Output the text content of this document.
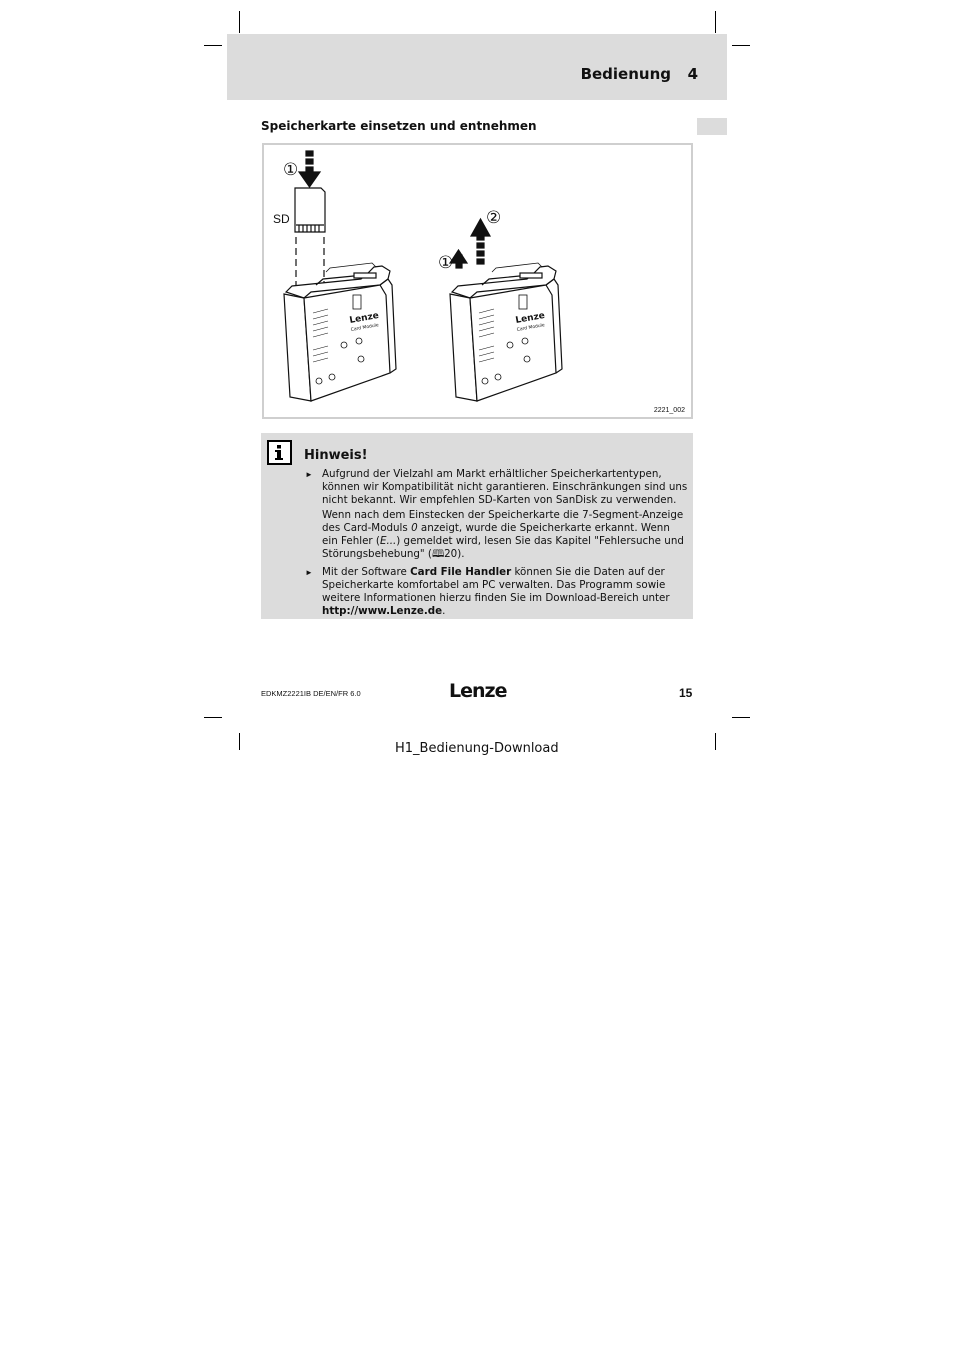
Bedienung 4
Speicherkarte einsetzen und entnehmen
①
SD
Lenze
Card Module
②
①
Lenze
Card Module
2221_002
Hinweis!
► Aufgrund der Vielzahl am Markt erhältlicher Speicherkartentypen, können wir Kompatibilität nicht garantieren. Einschränkungen sind uns nicht bekannt. Wir empfehlen SD-Karten von SanDisk zu verwenden.
Wenn nach dem Einstecken der Speicherkarte die 7-Segment-Anzeige des Card-Moduls 0 anzeigt, wurde die Speicherkarte erkannt. Wenn ein Fehler (E...) gemeldet wird, lesen Sie das Kapitel "Fehlersuche und Störungsbehebung" (🕮20).
► Mit der Software Card File Handler können Sie die Daten auf der Speicherkarte komfortabel am PC verwalten. Das Programm sowie weitere Informationen hierzu finden Sie im Download-Bereich unter http://www.Lenze.de.
EDKMZ2221IB DE/EN/FR 6.0	Lenze	15
H1_Bedienung-Download
